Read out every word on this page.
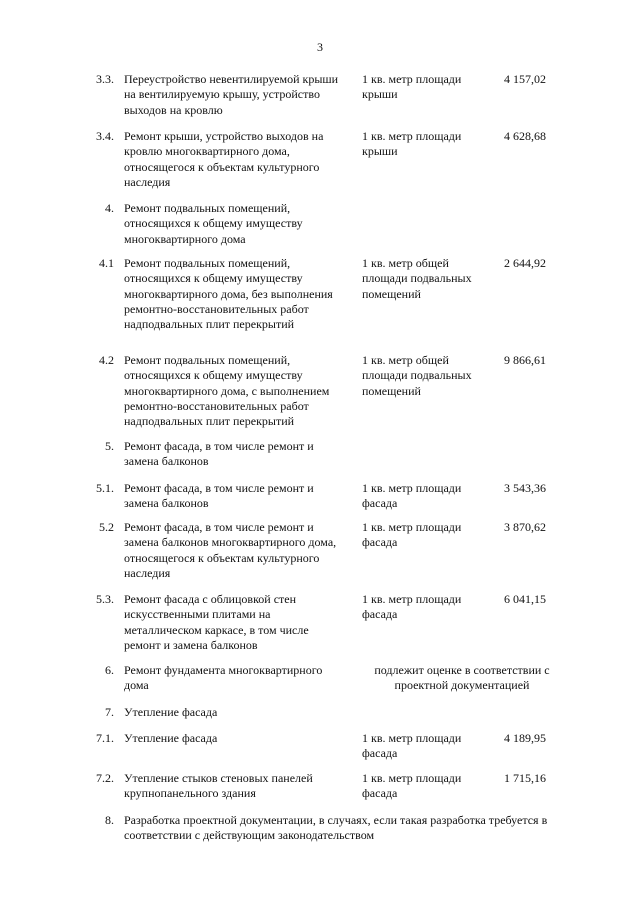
3
3.3. Переустройство невентилируемой крыши
на вентилируемую крышу, устройство
выходов на кровлю
1 кв. метр площади
крыши
4 157,02
3.4. Ремонт крыши, устройство выходов на
кровлю многоквартирного дома,
относящегося к объектам культурного
наследия
1 кв. метр площади
крыши
4 628,68
4. Ремонт подвальных помещений,
относящихся к общему имуществу
многоквартирного дома
4.1 Ремонт подвальных помещений,
относящихся к общему имуществу
многоквартирного дома, без выполнения
ремонтно-восстановительных работ
надподвальных плит перекрытий
1 кв. метр общей
площади подвальных
помещений
2 644,92
4.2 Ремонт подвальных помещений,
относящихся к общему имуществу
многоквартирного дома, с выполнением
ремонтно-восстановительных работ
надподвальных плит перекрытий
1 кв. метр общей
площади подвальных
помещений
9 866,61
5. Ремонт фасада, в том числе ремонт и
замена балконов
5.1. Ремонт фасада, в том числе ремонт и
замена балконов
1 кв. метр площади
фасада
3 543,36
5.2 Ремонт фасада, в том числе ремонт и
замена балконов многоквартирного дома,
относящегося к объектам культурного
наследия
1 кв. метр площади
фасада
3 870,62
5.3. Ремонт фасада с облицовкой стен
искусственными плитами на
металлическом каркасе, в том числе
ремонт и замена балконов
1 кв. метр площади
фасада
6 041,15
6. Ремонт фундамента многоквартирного
дома
подлежит оценке в соответствии с
проектной документацией
7. Утепление фасада
7.1. Утепление фасада	1 кв. метр площади
фасада
4 189,95
7.2. Утепление стыков стеновых панелей
крупнопанельного здания
1 кв. метр площади
фасада
1 715,16
8. Разработка проектной документации, в случаях, если такая разработка требуется в
соответствии с действующим законодательством
